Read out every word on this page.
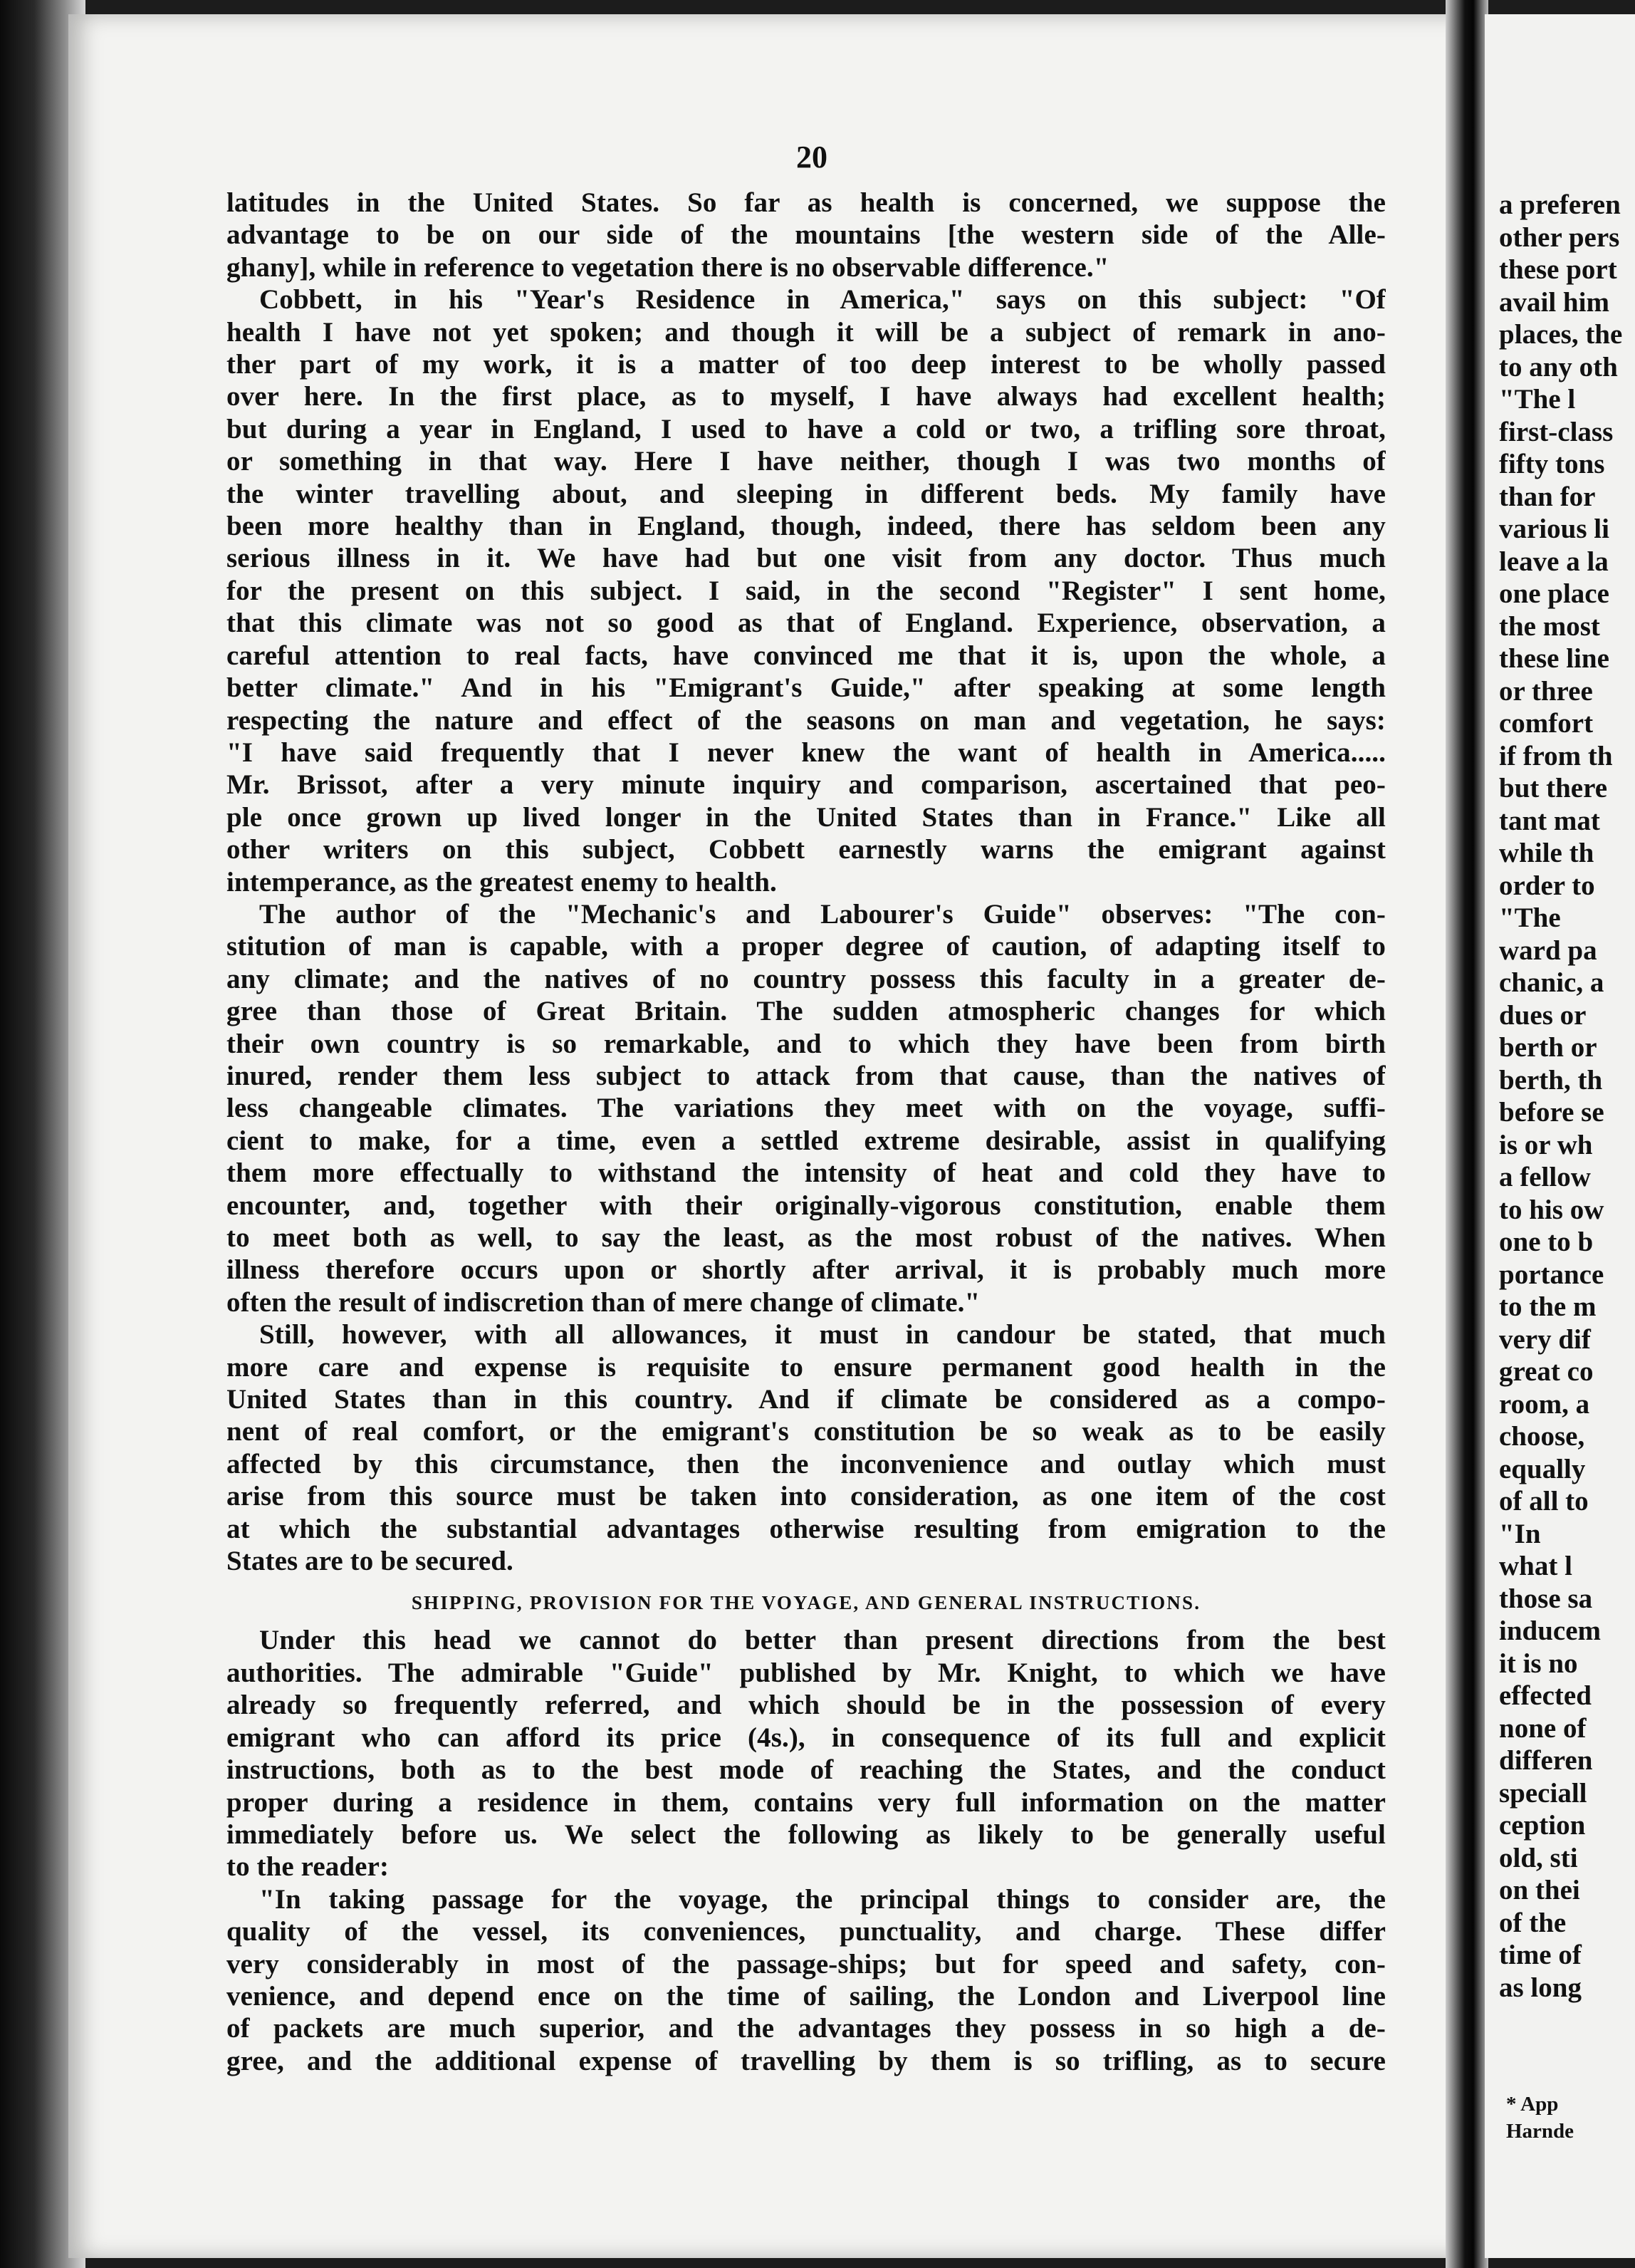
20
latitudes in the United States. So far as health is concerned, we suppose the
advantage to be on our side of the mountains [the western side of the Alle-
ghany], while in reference to vegetation there is no observable difference."
Cobbett, in his "Year's Residence in America," says on this subject: "Of
health I have not yet spoken; and though it will be a subject of remark in ano-
ther part of my work, it is a matter of too deep interest to be wholly passed
over here. In the first place, as to myself, I have always had excellent health;
but during a year in England, I used to have a cold or two, a trifling sore throat,
or something in that way. Here I have neither, though I was two months of
the winter travelling about, and sleeping in different beds. My family have
been more healthy than in England, though, indeed, there has seldom been any
serious illness in it. We have had but one visit from any doctor. Thus much
for the present on this subject. I said, in the second "Register" I sent home,
that this climate was not so good as that of England. Experience, observation, a
careful attention to real facts, have convinced me that it is, upon the whole, a
better climate." And in his "Emigrant's Guide," after speaking at some length
respecting the nature and effect of the seasons on man and vegetation, he says:
"I have said frequently that I never knew the want of health in America.....
Mr. Brissot, after a very minute inquiry and comparison, ascertained that peo-
ple once grown up lived longer in the United States than in France." Like all
other writers on this subject, Cobbett earnestly warns the emigrant against
intemperance, as the greatest enemy to health.
The author of the "Mechanic's and Labourer's Guide" observes: "The con-
stitution of man is capable, with a proper degree of caution, of adapting itself to
any climate; and the natives of no country possess this faculty in a greater de-
gree than those of Great Britain. The sudden atmospheric changes for which
their own country is so remarkable, and to which they have been from birth
inured, render them less subject to attack from that cause, than the natives of
less changeable climates. The variations they meet with on the voyage, suffi-
cient to make, for a time, even a settled extreme desirable, assist in qualifying
them more effectually to withstand the intensity of heat and cold they have to
encounter, and, together with their originally-vigorous constitution, enable them
to meet both as well, to say the least, as the most robust of the natives. When
illness therefore occurs upon or shortly after arrival, it is probably much more
often the result of indiscretion than of mere change of climate."
Still, however, with all allowances, it must in candour be stated, that much
more care and expense is requisite to ensure permanent good health in the
United States than in this country. And if climate be considered as a compo-
nent of real comfort, or the emigrant's constitution be so weak as to be easily
affected by this circumstance, then the inconvenience and outlay which must
arise from this source must be taken into consideration, as one item of the cost
at which the substantial advantages otherwise resulting from emigration to the
States are to be secured.
SHIPPING, PROVISION FOR THE VOYAGE, AND GENERAL INSTRUCTIONS.
Under this head we cannot do better than present directions from the best
authorities. The admirable "Guide" published by Mr. Knight, to which we have
already so frequently referred, and which should be in the possession of every
emigrant who can afford its price (4s.), in consequence of its full and explicit
instructions, both as to the best mode of reaching the States, and the conduct
proper during a residence in them, contains very full information on the matter
immediately before us. We select the following as likely to be generally useful
to the reader:
"In taking passage for the voyage, the principal things to consider are, the
quality of the vessel, its conveniences, punctuality, and charge. These differ
very considerably in most of the passage-ships; but for speed and safety, con-
venience, and depend ence on the time of sailing, the London and Liverpool line
of packets are much superior, and the advantages they possess in so high a de-
gree, and the additional expense of travelling by them is so trifling, as to secure
a preferen
other pers
these port
avail him
places, the
to any oth
"The l
first-class
fifty tons
than for
various li
leave a la
one place
the most
these line
or three
comfort
if from th
but there
tant mat
while th
order to
"The
ward pa
chanic, a
dues or
berth or
berth, th
before se
is or wh
a fellow
to his ow
one to b
portance
to the m
very dif
great co
room, a
choose,
equally
of all to
"In
what l
those sa
inducem
it is no
effected
none of
differen
speciall
ception
old, sti
on thei
of the
time of
as long
* App
Harnde
